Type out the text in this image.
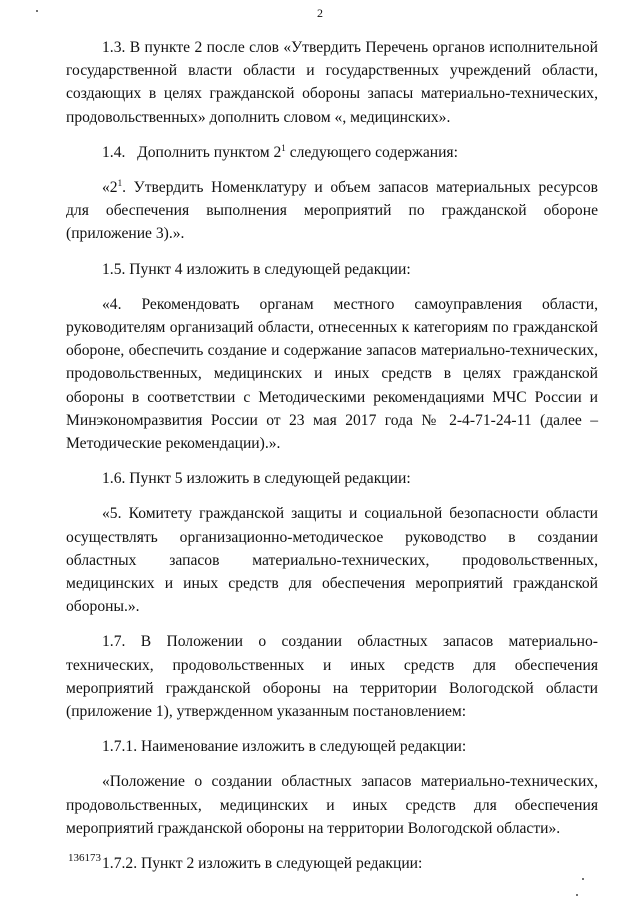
2

1.3. В пункте 2 после слов «Утвердить Перечень органов исполнительной государственной власти области и государственных учреждений области, создающих в целях гражданской обороны запасы материально-технических, продовольственных» дополнить словом «, медицинских».

1.4.   Дополнить пунктом $2^1$ следующего содержания:

«$2^1$. Утвердить Номенклатуру и объем запасов материальных ресурсов для обеспечения выполнения мероприятий по гражданской обороне (приложение 3).».

1.5. Пункт 4 изложить в следующей редакции:

«4. Рекомендовать органам местного самоуправления области, руководителям организаций области, отнесенных к категориям по гражданской обороне, обеспечить создание и содержание запасов материально-технических, продовольственных, медицинских и иных средств в целях гражданской обороны в соответствии с Методическими рекомендациями МЧС России и Минэкономразвития России от 23 мая 2017 года № 2-4-71-24-11 (далее – Методические рекомендации).».

1.6. Пункт 5 изложить в следующей редакции:

«5. Комитету гражданской защиты и социальной безопасности области осуществлять организационно-методическое руководство в создании областных запасов материально-технических, продовольственных, медицинских и иных средств для обеспечения мероприятий гражданской обороны.».

1.7. В Положении о создании областных запасов материально-технических, продовольственных и иных средств для обеспечения мероприятий гражданской обороны на территории Вологодской области (приложение 1), утвержденном указанным постановлением:

1.7.1. Наименование изложить в следующей редакции:

«Положение о создании областных запасов материально-технических, продовольственных, медицинских и иных средств для обеспечения мероприятий гражданской обороны на территории Вологодской области».

1.7.2. Пункт 2 изложить в следующей редакции:

136173
